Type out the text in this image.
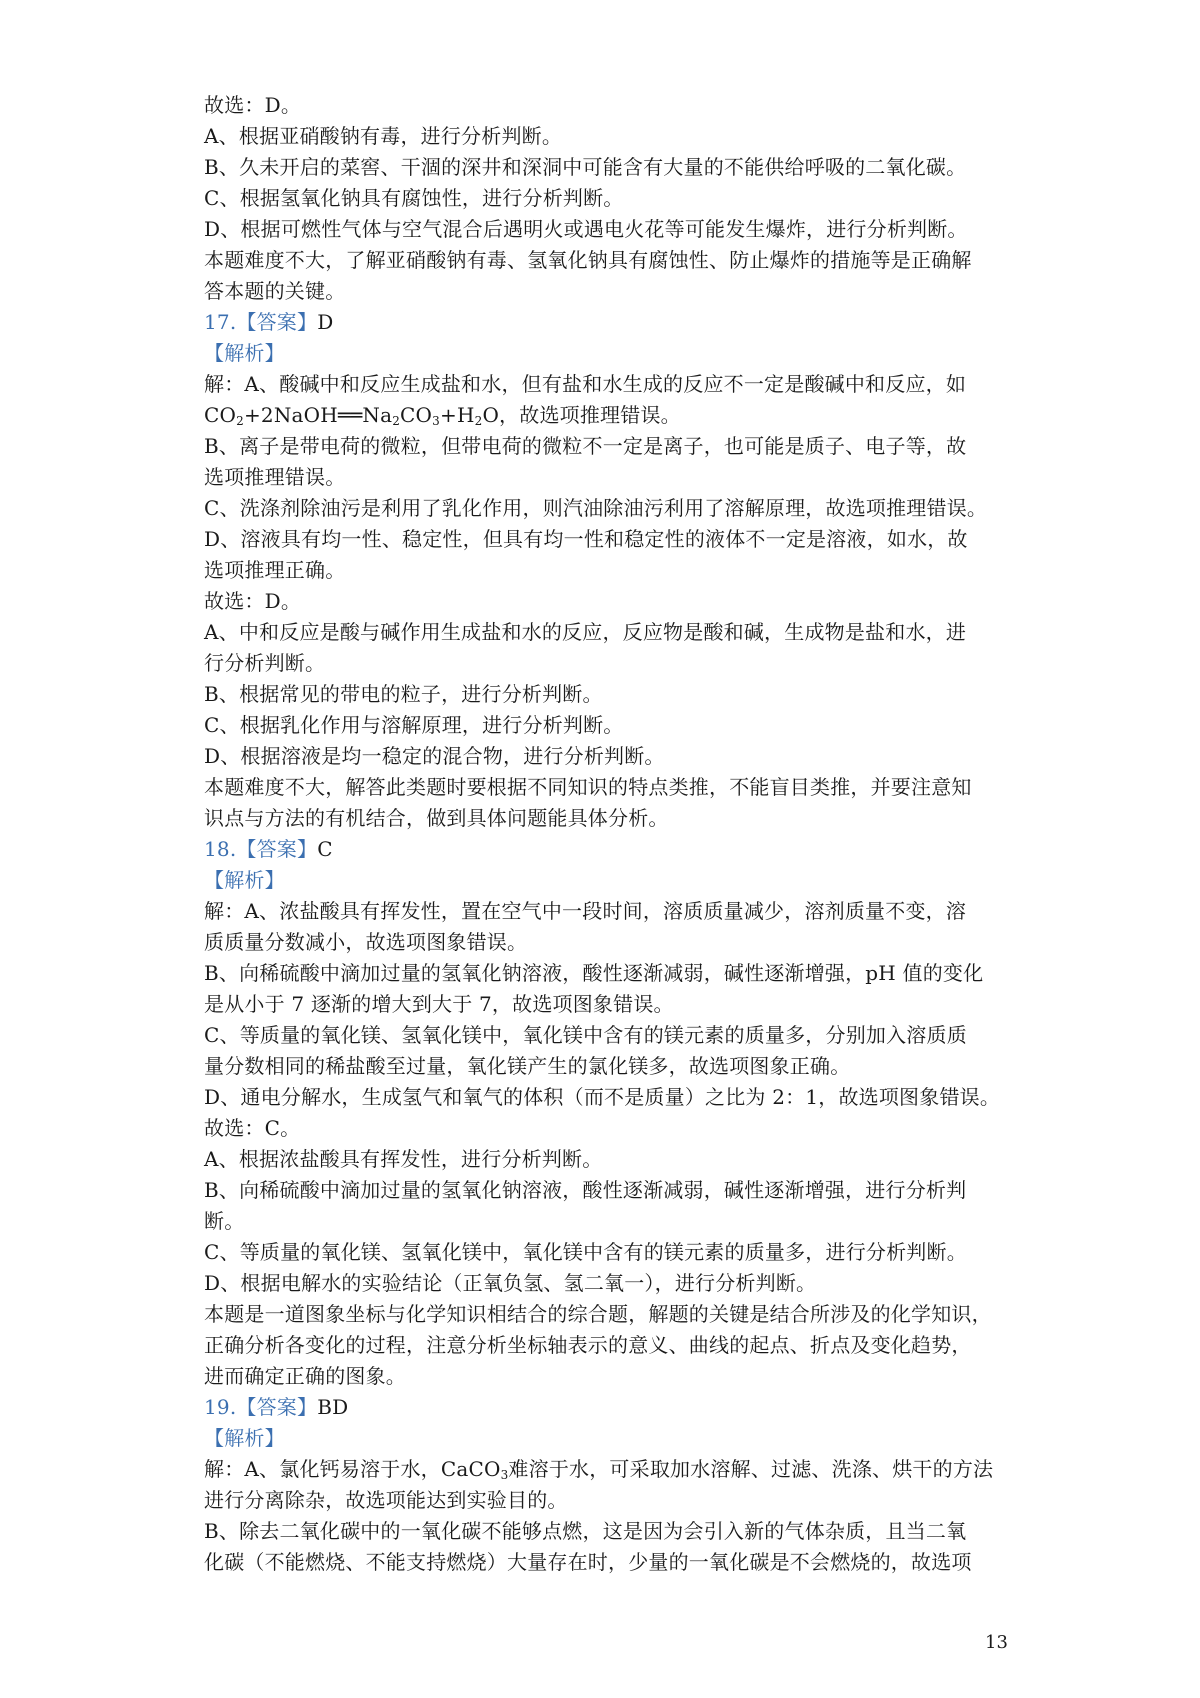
故选：D。
A、根据亚硝酸钠有毒，进行分析判断。
B、久未开启的菜窖、干涸的深井和深洞中可能含有大量的不能供给呼吸的二氧化碳。
C、根据氢氧化钠具有腐蚀性，进行分析判断。
D、根据可燃性气体与空气混合后遇明火或遇电火花等可能发生爆炸，进行分析判断。
本题难度不大，了解亚硝酸钠有毒、氢氧化钠具有腐蚀性、防止爆炸的措施等是正确解
答本题的关键。
17.【答案】D
【解析】
解：A、酸碱中和反应生成盐和水，但有盐和水生成的反应不一定是酸碱中和反应，如
$CO_2+2NaOH══Na_2CO_3+H_2O$，故选项推理错误。
B、离子是带电荷的微粒，但带电荷的微粒不一定是离子，也可能是质子、电子等，故
选项推理错误。
C、洗涤剂除油污是利用了乳化作用，则汽油除油污利用了溶解原理，故选项推理错误。
D、溶液具有均一性、稳定性，但具有均一性和稳定性的液体不一定是溶液，如水，故
选项推理正确。
故选：D。
A、中和反应是酸与碱作用生成盐和水的反应，反应物是酸和碱，生成物是盐和水，进
行分析判断。
B、根据常见的带电的粒子，进行分析判断。
C、根据乳化作用与溶解原理，进行分析判断。
D、根据溶液是均一稳定的混合物，进行分析判断。
本题难度不大，解答此类题时要根据不同知识的特点类推，不能盲目类推，并要注意知
识点与方法的有机结合，做到具体问题能具体分析。
18.【答案】C
【解析】
解：A、浓盐酸具有挥发性，置在空气中一段时间，溶质质量减少，溶剂质量不变，溶
质质量分数减小，故选项图象错误。
B、向稀硫酸中滴加过量的氢氧化钠溶液，酸性逐渐减弱，碱性逐渐增强，pH 值的变化
是从小于 7 逐渐的增大到大于 7，故选项图象错误。
C、等质量的氧化镁、氢氧化镁中，氧化镁中含有的镁元素的质量多，分别加入溶质质
量分数相同的稀盐酸至过量，氧化镁产生的氯化镁多，故选项图象正确。
D、通电分解水，生成氢气和氧气的体积（而不是质量）之比为 2：1，故选项图象错误。
故选：C。
A、根据浓盐酸具有挥发性，进行分析判断。
B、向稀硫酸中滴加过量的氢氧化钠溶液，酸性逐渐减弱，碱性逐渐增强，进行分析判
断。
C、等质量的氧化镁、氢氧化镁中，氧化镁中含有的镁元素的质量多，进行分析判断。
D、根据电解水的实验结论（正氧负氢、氢二氧一），进行分析判断。
本题是一道图象坐标与化学知识相结合的综合题，解题的关键是结合所涉及的化学知识，
正确分析各变化的过程，注意分析坐标轴表示的意义、曲线的起点、折点及变化趋势，
进而确定正确的图象。
19.【答案】BD
【解析】
解：A、氯化钙易溶于水，CaCO$_3$难溶于水，可采取加水溶解、过滤、洗涤、烘干的方法
进行分离除杂，故选项能达到实验目的。
B、除去二氧化碳中的一氧化碳不能够点燃，这是因为会引入新的气体杂质，且当二氧
化碳（不能燃烧、不能支持燃烧）大量存在时，少量的一氧化碳是不会燃烧的，故选项
13
